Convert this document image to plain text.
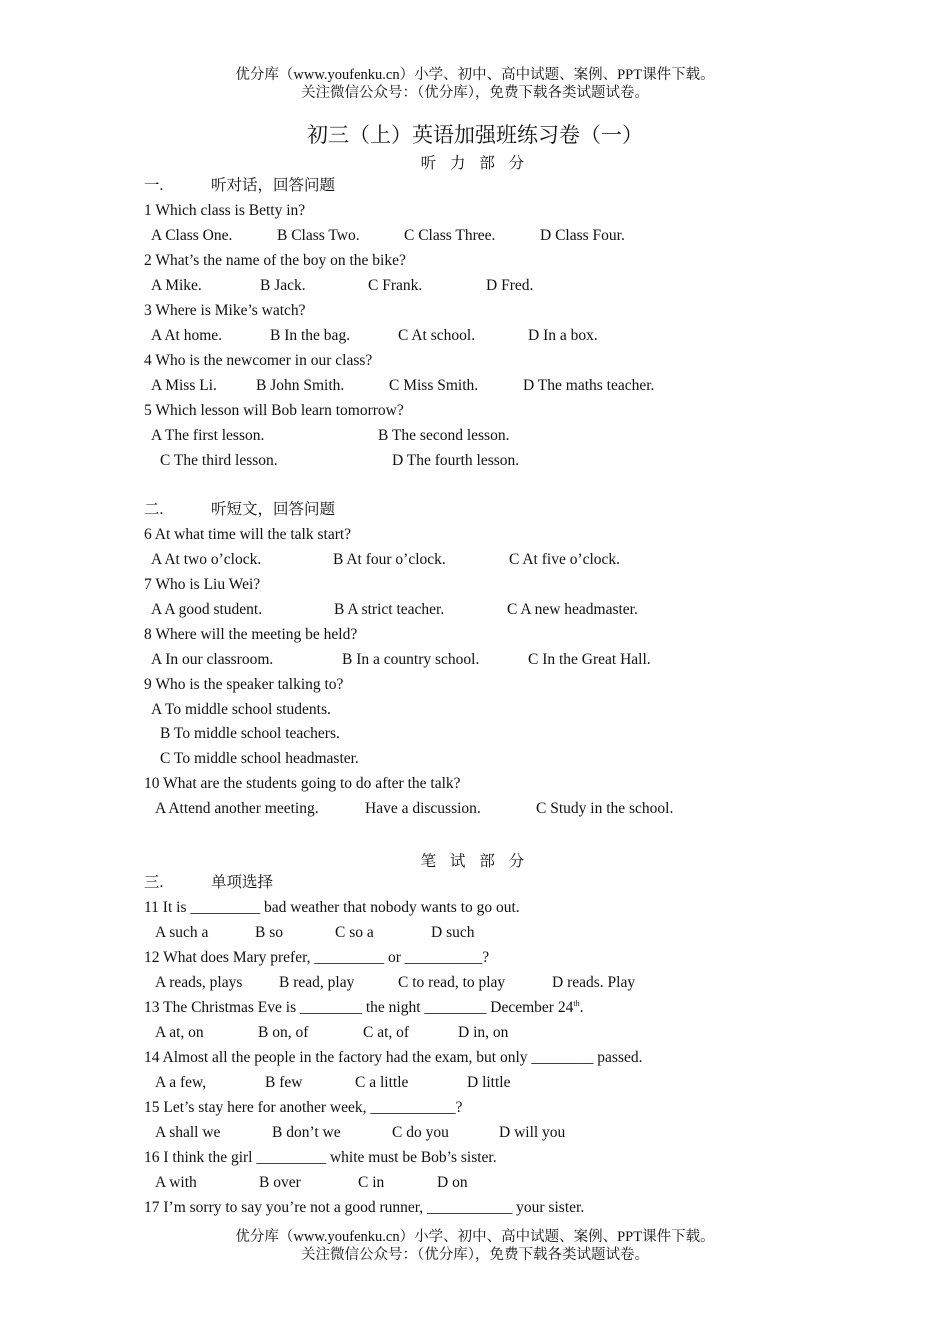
优分库（www.youfenku.cn）小学、初中、高中试题、案例、PPT课件下载。
关注微信公众号：（优分库），免费下载各类试题试卷。
初三（上）英语加强班练习卷（一）
听 力 部 分
一.	听对话，回答问题
1 Which class is Betty in?
A Class One.	B Class Two.	C Class Three.	D Class Four.
2 What’s the name of the boy on the bike?
A Mike.	B Jack.	C Frank.	D Fred.
3 Where is Mike’s watch?
A At home.	B In the bag.	C At school.	D In a box.
4 Who is the newcomer in our class?
A Miss Li.	B John Smith.	C Miss Smith.	D The maths teacher.
5 Which lesson will Bob learn tomorrow?
A The first lesson.	B The second lesson.
C The third lesson.	D The fourth lesson.
二.	听短文，回答问题
6 At what time will the talk start?
A At two o’clock.	B At four o’clock.	C At five o’clock.
7 Who is Liu Wei?
A A good student.	B A strict teacher.	C A new headmaster.
8 Where will the meeting be held?
A In our classroom.	B In a country school.	C In the Great Hall.
9 Who is the speaker talking to?
A To middle school students.
B To middle school teachers.
C To middle school headmaster.
10 What are the students going to do after the talk?
A Attend another meeting.	Have a discussion.	C Study in the school.
笔 试 部 分
三.	单项选择
11 It is _________ bad weather that nobody wants to go out.
A such a	B so	C so a	D such
12 What does Mary prefer, _________ or __________?
A reads, plays B read, play	C to read, to play	D reads. Play
13 The Christmas Eve is ________ the night ________ December 24th.
A at, on	B on, of	C at, of	D in, on
14 Almost all the people in the factory had the exam, but only ________ passed.
A a few,	B few	C a little	D little
15 Let’s stay here for another week, ___________?
A shall we	B don’t we	C do you	D will you
16 I think the girl _________ white must be Bob’s sister.
A with	B over	C in	D on
17 I’m sorry to say you’re not a good runner, ___________ your sister.
优分库（www.youfenku.cn）小学、初中、高中试题、案例、PPT课件下载。
关注微信公众号：（优分库），免费下载各类试题试卷。
